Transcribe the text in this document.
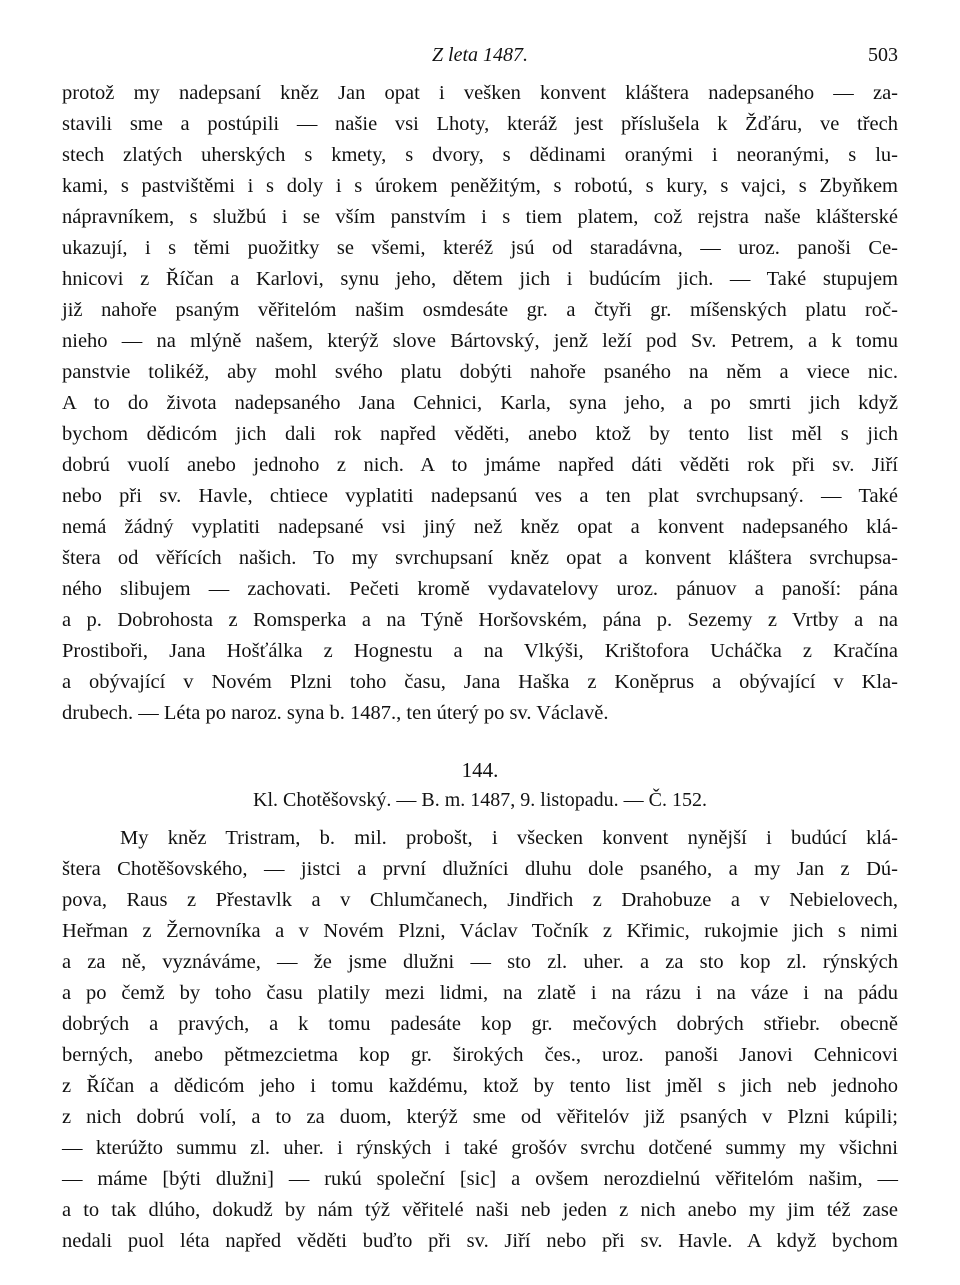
Z leta 1487.	503
protož my nadepsaní kněz Jan opat i vešken konvent kláštera nadepsaného — za-
stavili sme a postúpili — našie vsi Lhoty, kteráž jest příslušela k Žďáru, ve třech
stech zlatých uherských s kmety, s dvory, s dědinami oranými i neoranými, s lu-
kami, s pastvištěmi i s doly i s úrokem peněžitým, s robotú, s kury, s vajci, s Zbyňkem
nápravníkem, s službú i se vším panstvím i s tiem platem, což rejstra naše klášterské
ukazují, i s těmi puožitky se všemi, kteréž jsú od staradávna, — uroz. panoši Ce-
hnicovi z Říčan a Karlovi, synu jeho, dětem jich i budúcím jich. — Také stupujem
již nahoře psaným věřitelóm našim osmdesáte gr. a čtyři gr. míšenských platu roč-
nieho — na mlýně našem, kterýž slove Bártovský, jenž leží pod Sv. Petrem, a k tomu
panstvie tolikéž, aby mohl svého platu dobýti nahoře psaného na něm a viece nic.
A to do života nadepsaného Jana Cehnici, Karla, syna jeho, a po smrti jich když
bychom dědicóm jich dali rok napřed věděti, anebo ktož by tento list měl s jich
dobrú vuolí anebo jednoho z nich. A to jmáme napřed dáti věděti rok při sv. Jiří
nebo při sv. Havle, chtiece vyplatiti nadepsanú ves a ten plat svrchupsaný. — Také
nemá žádný vyplatiti nadepsané vsi jiný než kněz opat a konvent nadepsaného klá-
štera od věřících našich. To my svrchupsaní kněz opat a konvent kláštera svrchupsa-
ného slibujem — zachovati. Pečeti kromě vydavatelovy uroz. pánuov a panoší: pána
a p. Dobrohosta z Romsperka a na Týně Horšovském, pána p. Sezemy z Vrtby a na
Prostiboři, Jana Hošťálka z Hognestu a na Vlkýši, Krištofora Ucháčka z Kračína
a obývající v Novém Plzni toho času, Jana Haška z Koněprus a obývající v Kla-
drubech. — Léta po naroz. syna b. 1487., ten úterý po sv. Václavě.
144.
Kl. Chotěšovský. — B. m. 1487, 9. listopadu. — Č. 152.
My kněz Tristram, b. mil. probošt, i všecken konvent nynější i budúcí klá-
štera Chotěšovského, — jistci a první dlužníci dluhu dole psaného, a my Jan z Dú-
pova, Raus z Přestavlk a v Chlumčanech, Jindřich z Drahobuze a v Nebielovech,
Heřman z Žernovníka a v Novém Plzni, Václav Točník z Křimic, rukojmie jich s nimi
a za ně, vyznáváme, — že jsme dlužni — sto zl. uher. a za sto kop zl. rýnských
a po čemž by toho času platily mezi lidmi, na zlatě i na rázu i na váze i na pádu
dobrých a pravých, a k tomu padesáte kop gr. mečových dobrých střiebr. obecně
berných, anebo pětmezcietma kop gr. širokých čes., uroz. panoši Janovi Cehnicovi
z Říčan a dědicóm jeho i tomu každému, ktož by tento list jměl s jich neb jednoho
z nich dobrú volí, a to za duom, kterýž sme od věřitelóv již psaných v Plzni kúpili;
— kterúžto summu zl. uher. i rýnských i také grošóv svrchu dotčené summy my všichni
— máme [býti dlužni] — rukú společní [sic] a ovšem nerozdielnú věřitelóm našim, —
a to tak dlúho, dokudž by nám týž věřitelé naši neb jeden z nich anebo my jim též zase
nedali puol léta napřed věděti buďto při sv. Jiří nebo při sv. Havle. A když bychom
